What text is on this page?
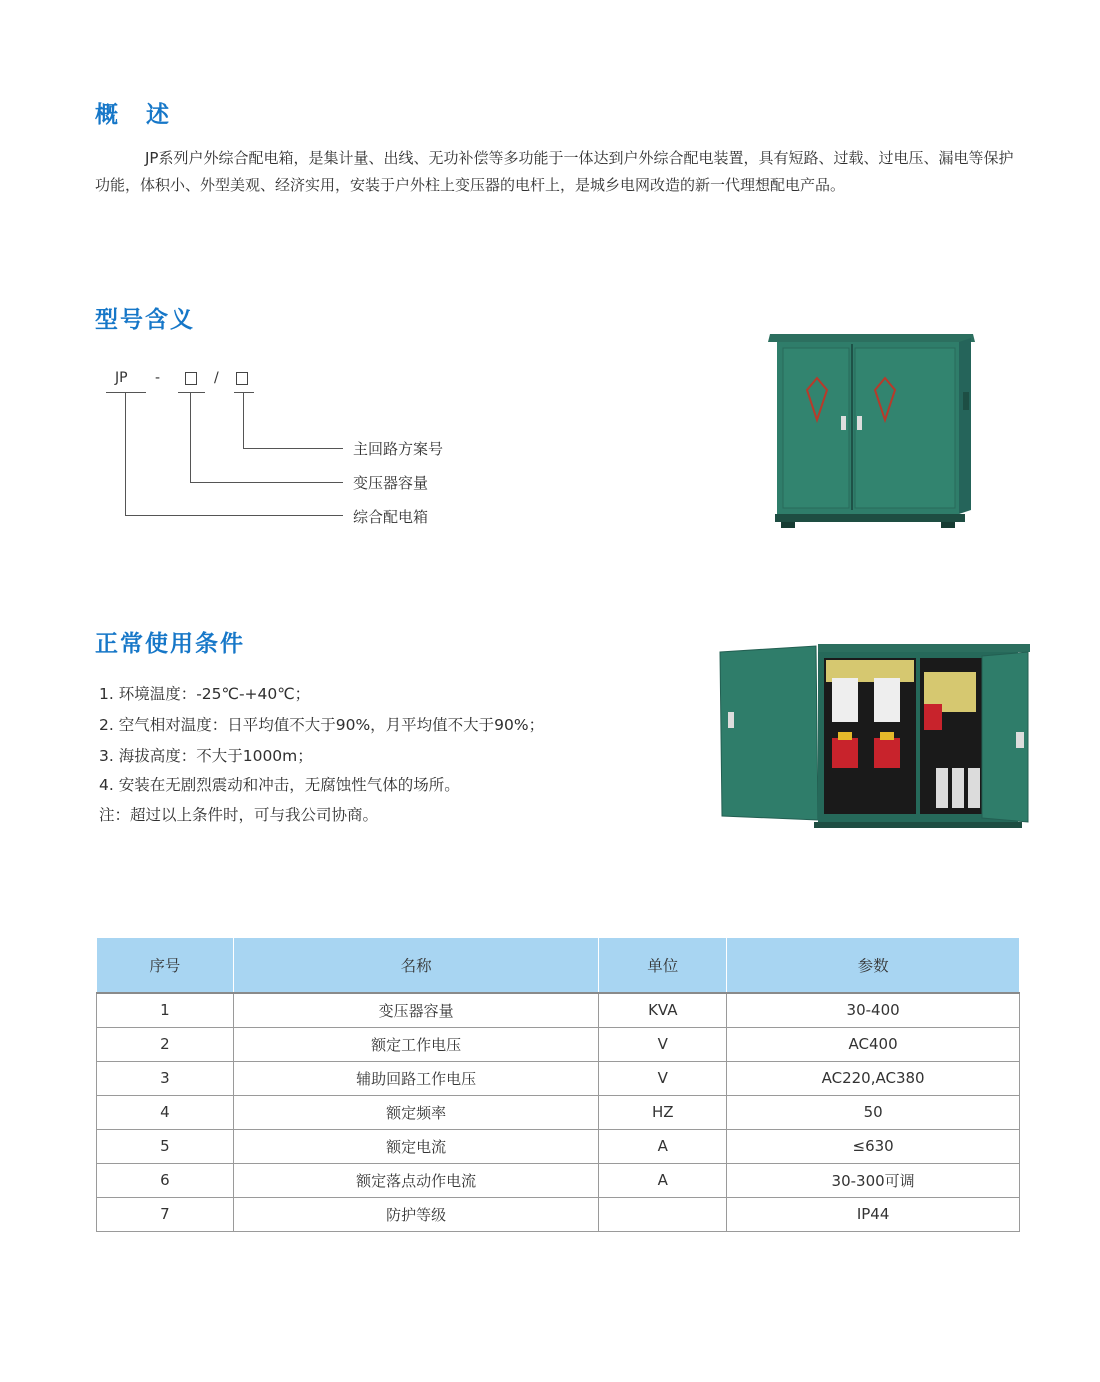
概 述

JP系列户外综合配电箱，是集计量、出线、无功补偿等多功能于一体达到户外综合配电装置，具有短路、过载、过电压、漏电等保护功能，体积小、外型美观、经济实用，安装于户外柱上变压器的电杆上，是城乡电网改造的新一代理想配电产品。

型号含义
JP -	/
主回路方案号
变压器容量
综合配电箱
正常使用条件
1. 环境温度：-25℃-+40℃；
2. 空气相对温度：日平均值不大于90%，月平均值不大于90%；
3. 海拔高度：不大于1000m；
4. 安装在无剧烈震动和冲击，无腐蚀性气体的场所。
注：超过以上条件时，可与我公司协商。
序号	名称	单位	参数
1	变压器容量	KVA	30-400
2	额定工作电压	V	AC400
3	辅助回路工作电压	V	AC220,AC380
4	额定频率	HZ	50
5	额定电流	A	≤630
6	额定落点动作电流	A	30-300可调
7	防护等级		IP44
